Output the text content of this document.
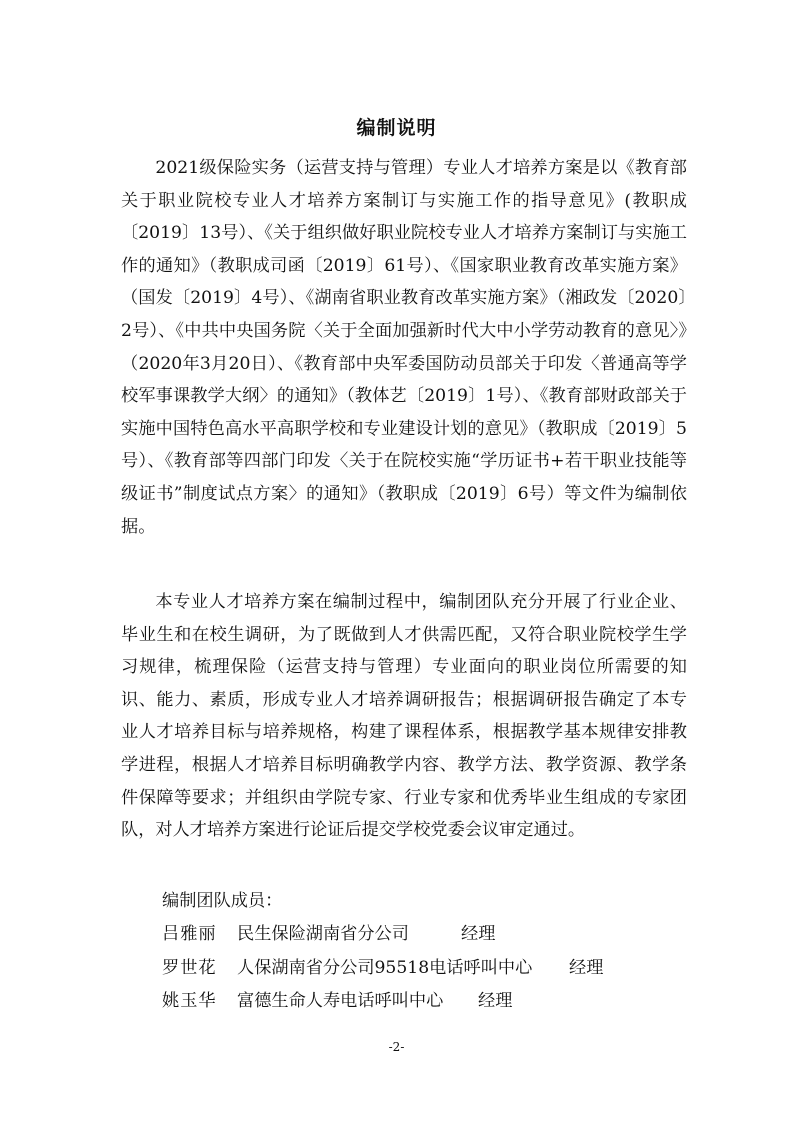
编制说明

2021级保险实务（运营支持与管理）专业人才培养方案是以《教育部关于职业院校专业人才培养方案制订与实施工作的指导意见》(教职成〔2019〕13号）、《关于组织做好职业院校专业人才培养方案制订与实施工作的通知》（教职成司函〔2019〕61号）、《国家职业教育改革实施方案》（国发〔2019〕4号）、《湖南省职业教育改革实施方案》（湘政发〔2020〕2号）、《中共中央国务院〈关于全面加强新时代大中小学劳动教育的意见〉》（2020年3月20日）、《教育部中央军委国防动员部关于印发〈普通高等学校军事课教学大纲〉的通知》（教体艺〔2019〕1号）、《教育部财政部关于实施中国特色高水平高职学校和专业建设计划的意见》（教职成〔2019〕5号）、《教育部等四部门印发〈关于在院校实施“学历证书+若干职业技能等级证书”制度试点方案〉的通知》（教职成〔2019〕6号）等文件为编制依据。

本专业人才培养方案在编制过程中，编制团队充分开展了行业企业、毕业生和在校生调研，为了既做到人才供需匹配，又符合职业院校学生学习规律，梳理保险（运营支持与管理）专业面向的职业岗位所需要的知识、能力、素质，形成专业人才培养调研报告；根据调研报告确定了本专业人才培养目标与培养规格，构建了课程体系，根据教学基本规律安排教学进程，根据人才培养目标明确教学内容、教学方法、教学资源、教学条件保障等要求；并组织由学院专家、行业专家和优秀毕业生组成的专家团队，对人才培养方案进行论证后提交学校党委会议审定通过。

编制团队成员：

吕雅丽 民生保险湖南省分公司	经理
罗世花 人保湖南省分公司95518电话呼叫中心 经理
姚玉华 富德生命人寿电话呼叫中心 经理
-2-
